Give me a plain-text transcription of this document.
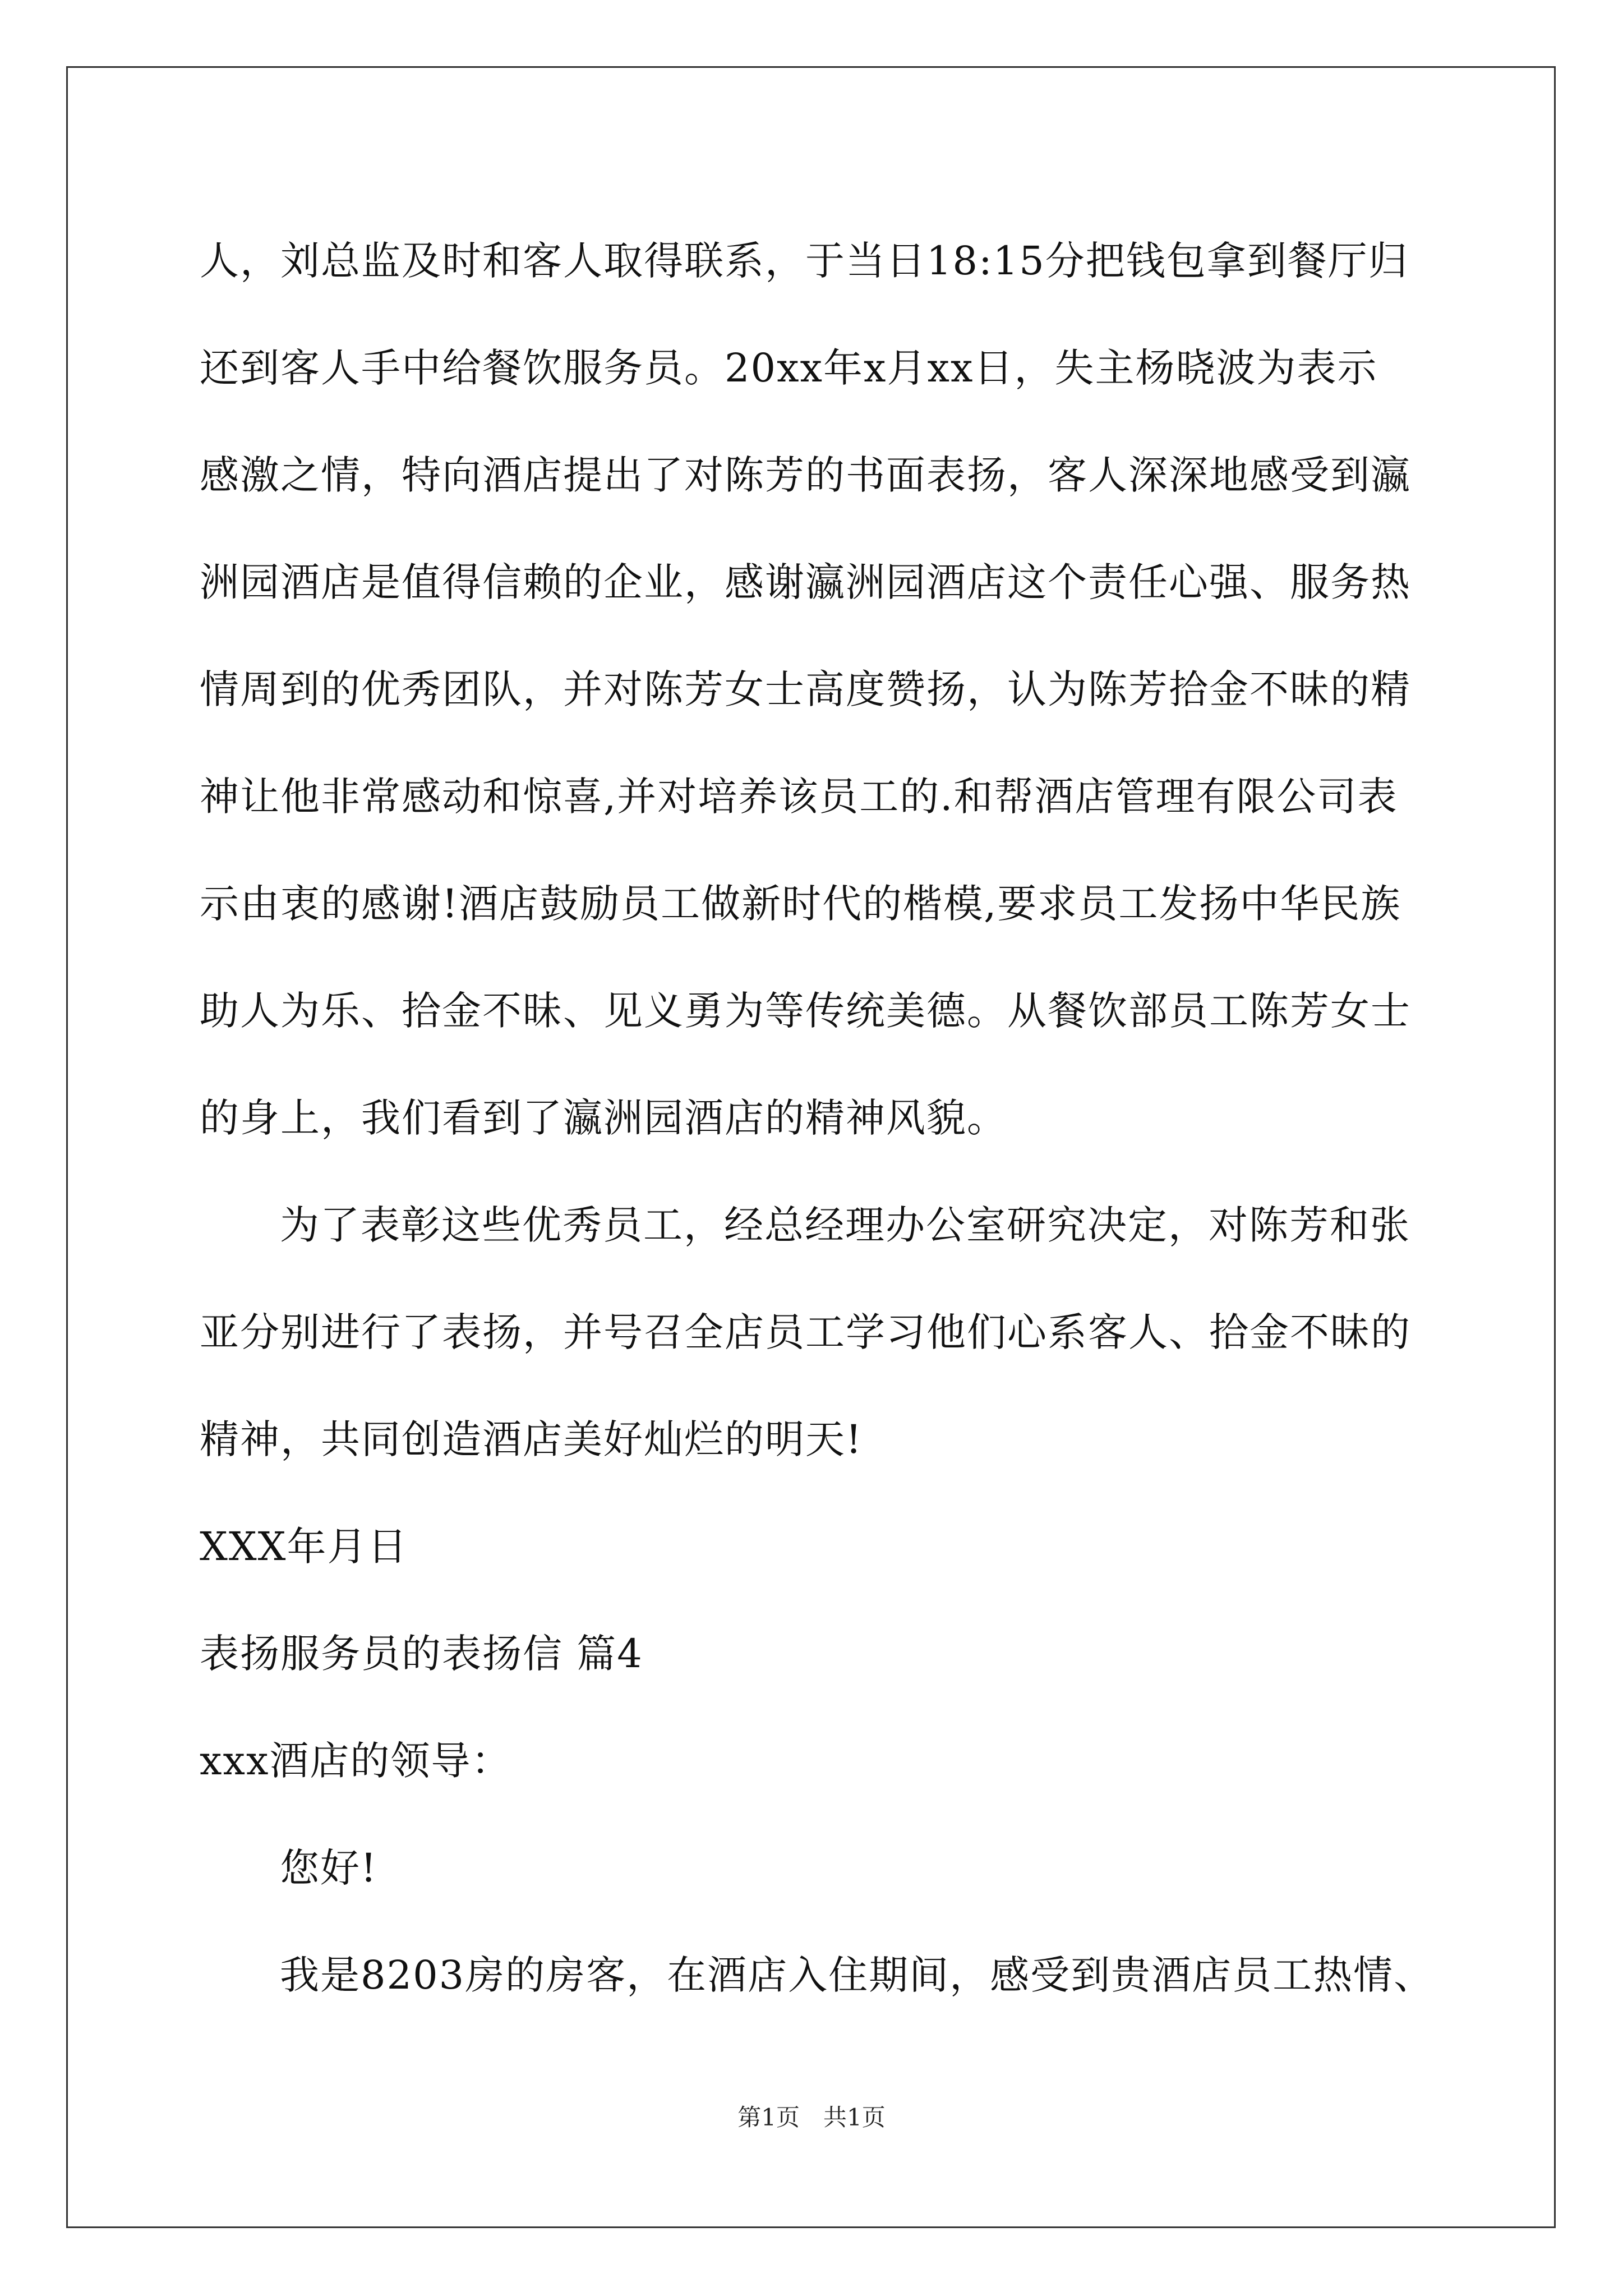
人，刘总监及时和客人取得联系，于当日18:15分把钱包拿到餐厅归
还到客人手中给餐饮服务员。20xx年x月xx日，失主杨晓波为表示
感激之情，特向酒店提出了对陈芳的书面表扬，客人深深地感受到瀛
洲园酒店是值得信赖的企业，感谢瀛洲园酒店这个责任心强、服务热
情周到的优秀团队，并对陈芳女士高度赞扬，认为陈芳拾金不昧的精
神让他非常感动和惊喜,并对培养该员工的.和帮酒店管理有限公司表
示由衷的感谢!酒店鼓励员工做新时代的楷模,要求员工发扬中华民族
助人为乐、拾金不昧、见义勇为等传统美德。从餐饮部员工陈芳女士
的身上，我们看到了瀛洲园酒店的精神风貌。
为了表彰这些优秀员工，经总经理办公室研究决定，对陈芳和张
亚分别进行了表扬，并号召全店员工学习他们心系客人、拾金不昧的
精神，共同创造酒店美好灿烂的明天!
XXX年月日
表扬服务员的表扬信 篇4
xxx酒店的领导：
您好!
我是8203房的房客，在酒店入住期间，感受到贵酒店员工热情、
第1页　共1页
